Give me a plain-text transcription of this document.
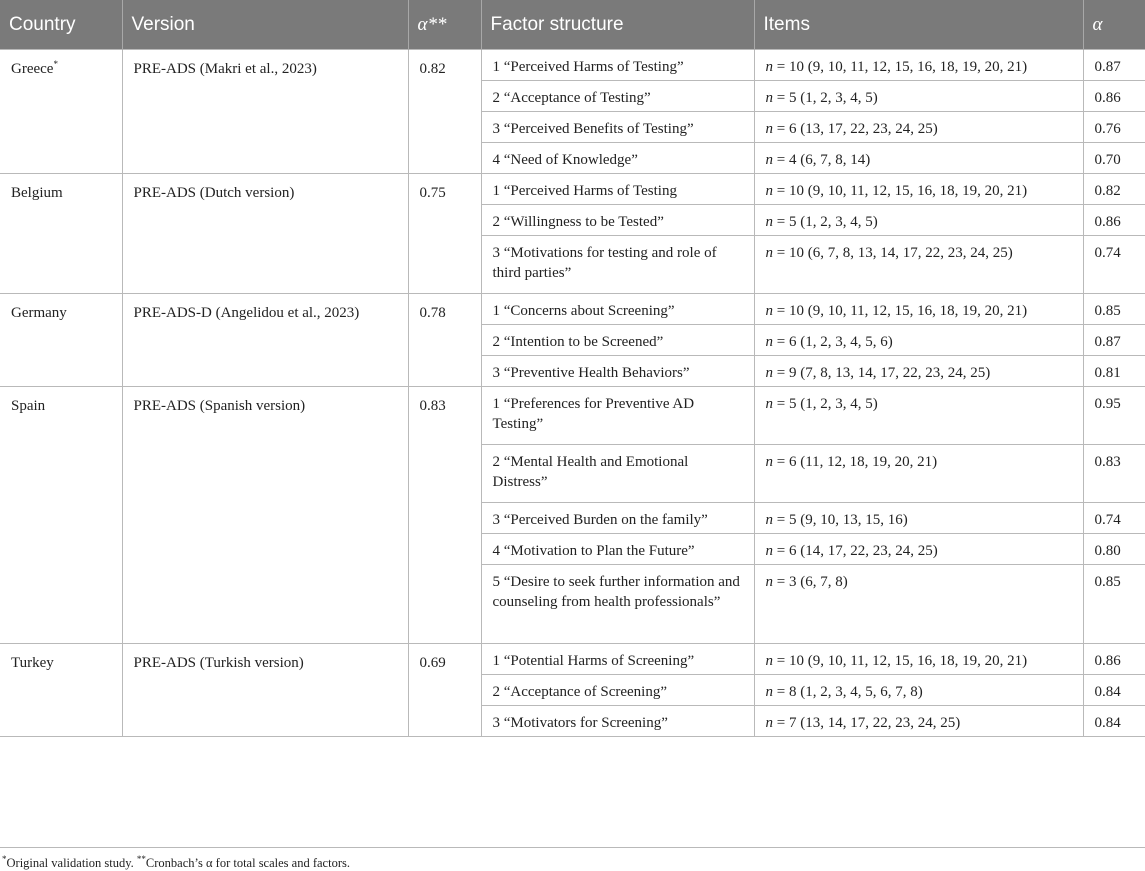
Country	Version	α**	Factor structure	Items	α
Greece*	PRE-ADS (Makri et al., 2023)	0.82	1 “Perceived Harms of Testing”	n = 10 (9, 10, 11, 12, 15, 16, 18, 19, 20, 21)	0.87
			2 “Acceptance of Testing”	n = 5 (1, 2, 3, 4, 5)	0.86
			3 “Perceived Benefits of Testing”	n = 6 (13, 17, 22, 23, 24, 25)	0.76
			4 “Need of Knowledge”	n = 4 (6, 7, 8, 14)	0.70
Belgium	PRE-ADS (Dutch version)	0.75	1 “Perceived Harms of Testing	n = 10 (9, 10, 11, 12, 15, 16, 18, 19, 20, 21)	0.82
			2 “Willingness to be Tested”	n = 5 (1, 2, 3, 4, 5)	0.86
			3 “Motivations for testing and role of third parties”	n = 10 (6, 7, 8, 13, 14, 17, 22, 23, 24, 25)	0.74
Germany	PRE-ADS-D (Angelidou et al., 2023)	0.78	1 “Concerns about Screening”	n = 10 (9, 10, 11, 12, 15, 16, 18, 19, 20, 21)	0.85
			2 “Intention to be Screened”	n = 6 (1, 2, 3, 4, 5, 6)	0.87
			3 “Preventive Health Behaviors”	n = 9 (7, 8, 13, 14, 17, 22, 23, 24, 25)	0.81
Spain	PRE-ADS (Spanish version)	0.83	1 “Preferences for Preventive AD Testing”	n = 5 (1, 2, 3, 4, 5)	0.95
			2 “Mental Health and Emotional Distress”	n = 6 (11, 12, 18, 19, 20, 21)	0.83
			3 “Perceived Burden on the family”	n = 5 (9, 10, 13, 15, 16)	0.74
			4 “Motivation to Plan the Future”	n = 6 (14, 17, 22, 23, 24, 25)	0.80
			5 “Desire to seek further information and counseling from health professionals”	n = 3 (6, 7, 8)	0.85
Turkey	PRE-ADS (Turkish version)	0.69	1 “Potential Harms of Screening”	n = 10 (9, 10, 11, 12, 15, 16, 18, 19, 20, 21)	0.86
			2 “Acceptance of Screening”	n = 8 (1, 2, 3, 4, 5, 6, 7, 8)	0.84
			3 “Motivators for Screening”	n = 7 (13, 14, 17, 22, 23, 24, 25)	0.84
*Original validation study. **Cronbach’s α for total scales and factors.
